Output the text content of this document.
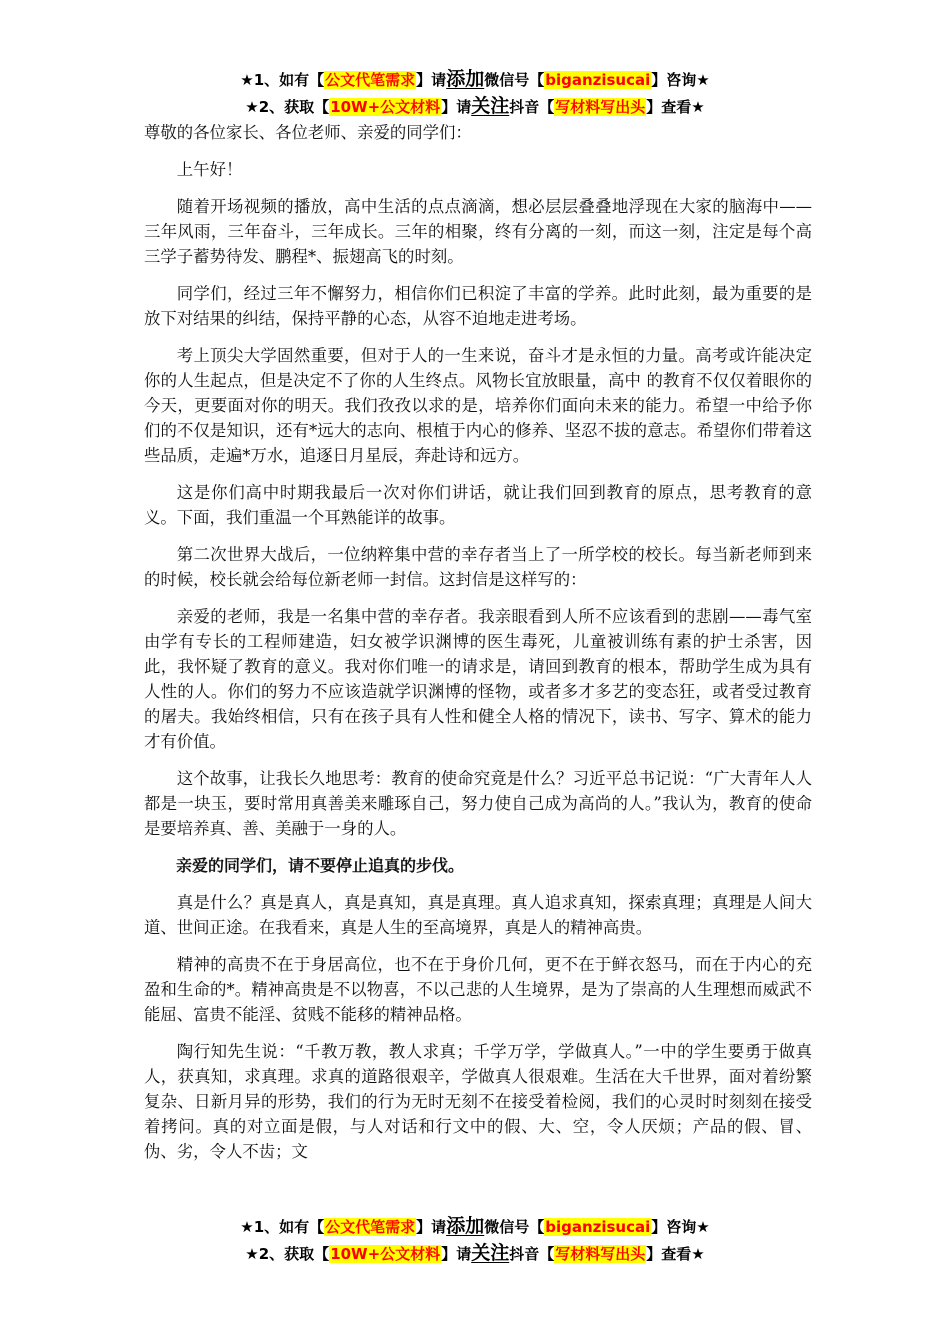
★1、如有【公文代笔需求】请添加微信号【biganzisucai】咨询★
★2、获取【10W+公文材料】请关注抖音【写材料写出头】查看★

尊敬的各位家长、各位老师、亲爱的同学们：

上午好！

随着开场视频的播放，高中生活的点点滴滴，想必层层叠叠地浮现在大家的脑海中——三年风雨，三年奋斗，三年成长。三年的相聚，终有分离的一刻，而这一刻，注定是每个高三学子蓄势待发、鹏程*、振翅高飞的时刻。

同学们，经过三年不懈努力，相信你们已积淀了丰富的学养。此时此刻，最为重要的是放下对结果的纠结，保持平静的心态，从容不迫地走进考场。

考上顶尖大学固然重要，但对于人的一生来说，奋斗才是永恒的力量。高考或许能决定你的人生起点，但是决定不了你的人生终点。风物长宜放眼量，高中 的教育不仅仅着眼你的今天，更要面对你的明天。我们孜孜以求的是，培养你们面向未来的能力。希望一中给予你们的不仅是知识，还有*远大的志向、根植于内心的修养、坚忍不拔的意志。希望你们带着这些品质，走遍*万水，追逐日月星辰，奔赴诗和远方。

这是你们高中时期我最后一次对你们讲话，就让我们回到教育的原点，思考教育的意义。下面，我们重温一个耳熟能详的故事。

第二次世界大战后，一位纳粹集中营的幸存者当上了一所学校的校长。每当新老师到来的时候，校长就会给每位新老师一封信。这封信是这样写的：

亲爱的老师，我是一名集中营的幸存者。我亲眼看到人所不应该看到的悲剧——毒气室由学有专长的工程师建造，妇女被学识渊博的医生毒死，儿童被训练有素的护士杀害，因此，我怀疑了教育的意义。我对你们唯一的请求是，请回到教育的根本，帮助学生成为具有人性的人。你们的努力不应该造就学识渊博的怪物，或者多才多艺的变态狂，或者受过教育的屠夫。我始终相信，只有在孩子具有人性和健全人格的情况下，读书、写字、算术的能力才有价值。

这个故事，让我长久地思考：教育的使命究竟是什么？习近平总书记说：“广大青年人人都是一块玉，要时常用真善美来雕琢自己，努力使自己成为高尚的人。”我认为，教育的使命是要培养真、善、美融于一身的人。

亲爱的同学们，请不要停止追真的步伐。

真是什么？真是真人，真是真知，真是真理。真人追求真知，探索真理；真理是人间大道、世间正途。在我看来，真是人生的至高境界，真是人的精神高贵。

精神的高贵不在于身居高位，也不在于身价几何，更不在于鲜衣怒马，而在于内心的充盈和生命的*。精神高贵是不以物喜，不以己悲的人生境界，是为了崇高的人生理想而威武不能屈、富贵不能淫、贫贱不能移的精神品格。

陶行知先生说：“千教万教，教人求真；千学万学，学做真人。”一中的学生要勇于做真人，获真知，求真理。求真的道路很艰辛，学做真人很艰难。生活在大千世界，面对着纷繁复杂、日新月异的形势，我们的行为无时无刻不在接受着检阅，我们的心灵时时刻刻在接受着拷问。真的对立面是假，与人对话和行文中的假、大、空，令人厌烦；产品的假、冒、伪、劣，令人不齿；文

★1、如有【公文代笔需求】请添加微信号【biganzisucai】咨询★
★2、获取【10W+公文材料】请关注抖音【写材料写出头】查看★
